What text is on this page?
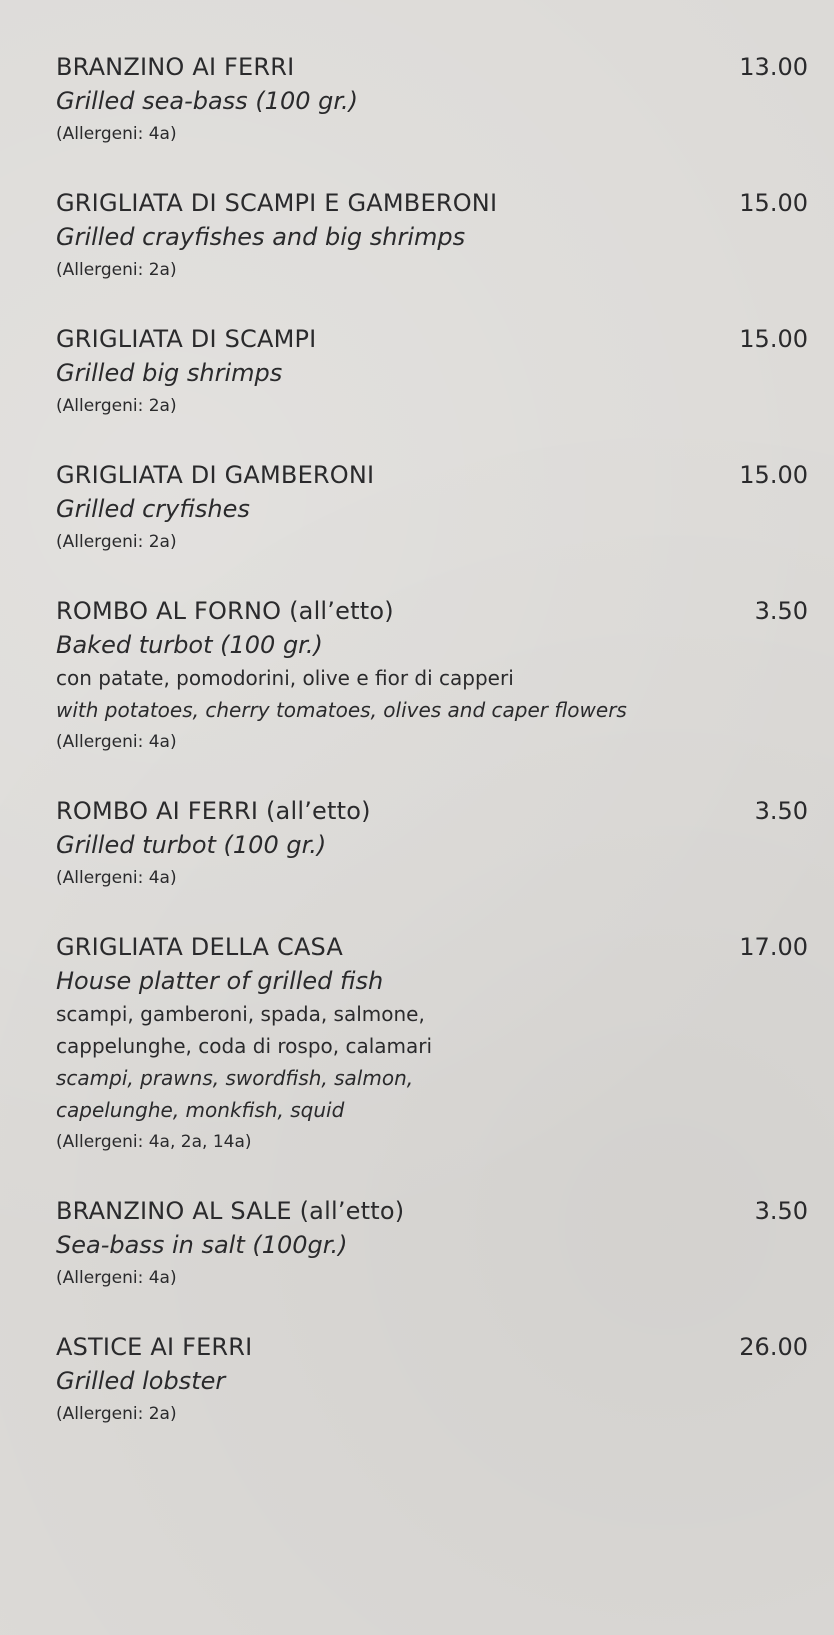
BRANZINO AI FERRI	13.00
Grilled sea-bass (100 gr.)
(Allergeni: 4a)
GRIGLIATA DI SCAMPI E GAMBERONI	15.00
Grilled crayfishes and big shrimps
(Allergeni: 2a)
GRIGLIATA DI SCAMPI	15.00
Grilled big shrimps
(Allergeni: 2a)
GRIGLIATA DI GAMBERONI	15.00
Grilled cryfishes
(Allergeni: 2a)
ROMBO AL FORNO (all’etto)	3.50
Baked turbot (100 gr.)
con patate, pomodorini, olive e fior di capperi
with potatoes, cherry tomatoes, olives and caper flowers
(Allergeni: 4a)
ROMBO AI FERRI (all’etto)	3.50
Grilled turbot (100 gr.)
(Allergeni: 4a)
GRIGLIATA DELLA CASA	17.00
House platter of grilled fish
scampi, gamberoni, spada, salmone,
cappelunghe, coda di rospo, calamari
scampi, prawns, swordfish, salmon,
capelunghe, monkfish, squid
(Allergeni: 4a, 2a, 14a)
BRANZINO AL SALE (all’etto)	3.50
Sea-bass in salt (100gr.)
(Allergeni: 4a)
ASTICE AI FERRI	26.00
Grilled lobster
(Allergeni: 2a)
